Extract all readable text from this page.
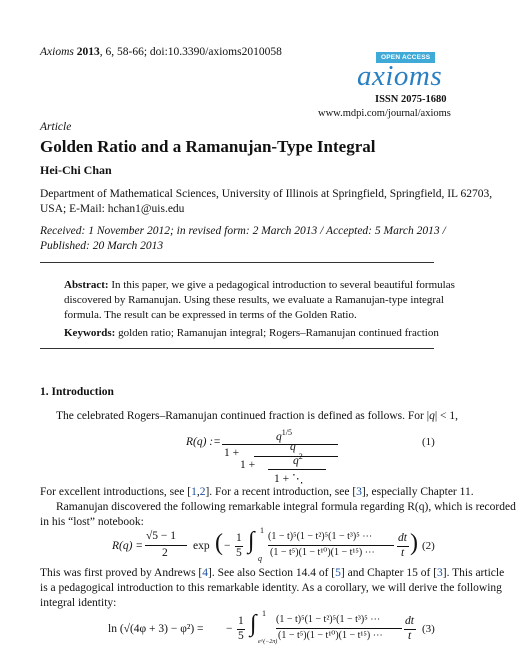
Axioms 2013, 6, 58-66; doi:10.3390/axioms2010058	OPEN ACCESS
axioms
ISSN 2075-1680
www.mdpi.com/journal/axioms
Article
Golden Ratio and a Ramanujan-Type Integral
Hei-Chi Chan
Department of Mathematical Sciences, University of Illinois at Springfield, Springfield, IL 62703,
USA; E-Mail: hchan1@uis.edu
Received: 1 November 2012; in revised form: 2 March 2013 / Accepted: 5 March 2013 /
Published: 20 March 2013
Abstract: In this paper, we give a pedagogical introduction to several beautiful formulas
discovered by Ramanujan. Using these results, we evaluate a Ramanujan-type integral
formula. The result can be expressed in terms of the Golden Ratio.
Keywords: golden ratio; Ramanujan integral; Rogers–Ramanujan continued fraction
1. Introduction
The celebrated Rogers–Ramanujan continued fraction is defined as follows. For |q| < 1,
R(q) :=	$q^{1/5}$
1 +	q
1 +	$q^2$
1 + ⋱
(1)
For excellent introductions, see [1,2]. For a recent introduction, see [3], especially Chapter 11.
Ramanujan discovered the following remarkable integral formula regarding R(q), which is recorded
in his “lost” notebook:
R(q) =
√5 − 1
2
exp ( −
1
5 ∫ 1
q
(1 − t)⁵(1 − t²)⁵(1 − t³)⁵ ⋯
(1 − t⁵)(1 − t¹⁰)(1 − t¹⁵) ⋯
dt
t ) (2)
This was first proved by Andrews [4]. See also Section 14.4 of [5] and Chapter 15 of [3]. This article
is a pedagogical introduction to this remarkable identity. As a corollary, we will derive the following
integral identity:
ln (√(4φ + 3) − φ²) = −
1
5 ∫ 1
e^(−2π)
(1 − t)⁵(1 − t²)⁵(1 − t³)⁵ ⋯
(1 − t⁵)(1 − t¹⁰)(1 − t¹⁵) ⋯
dt
t
(3)
